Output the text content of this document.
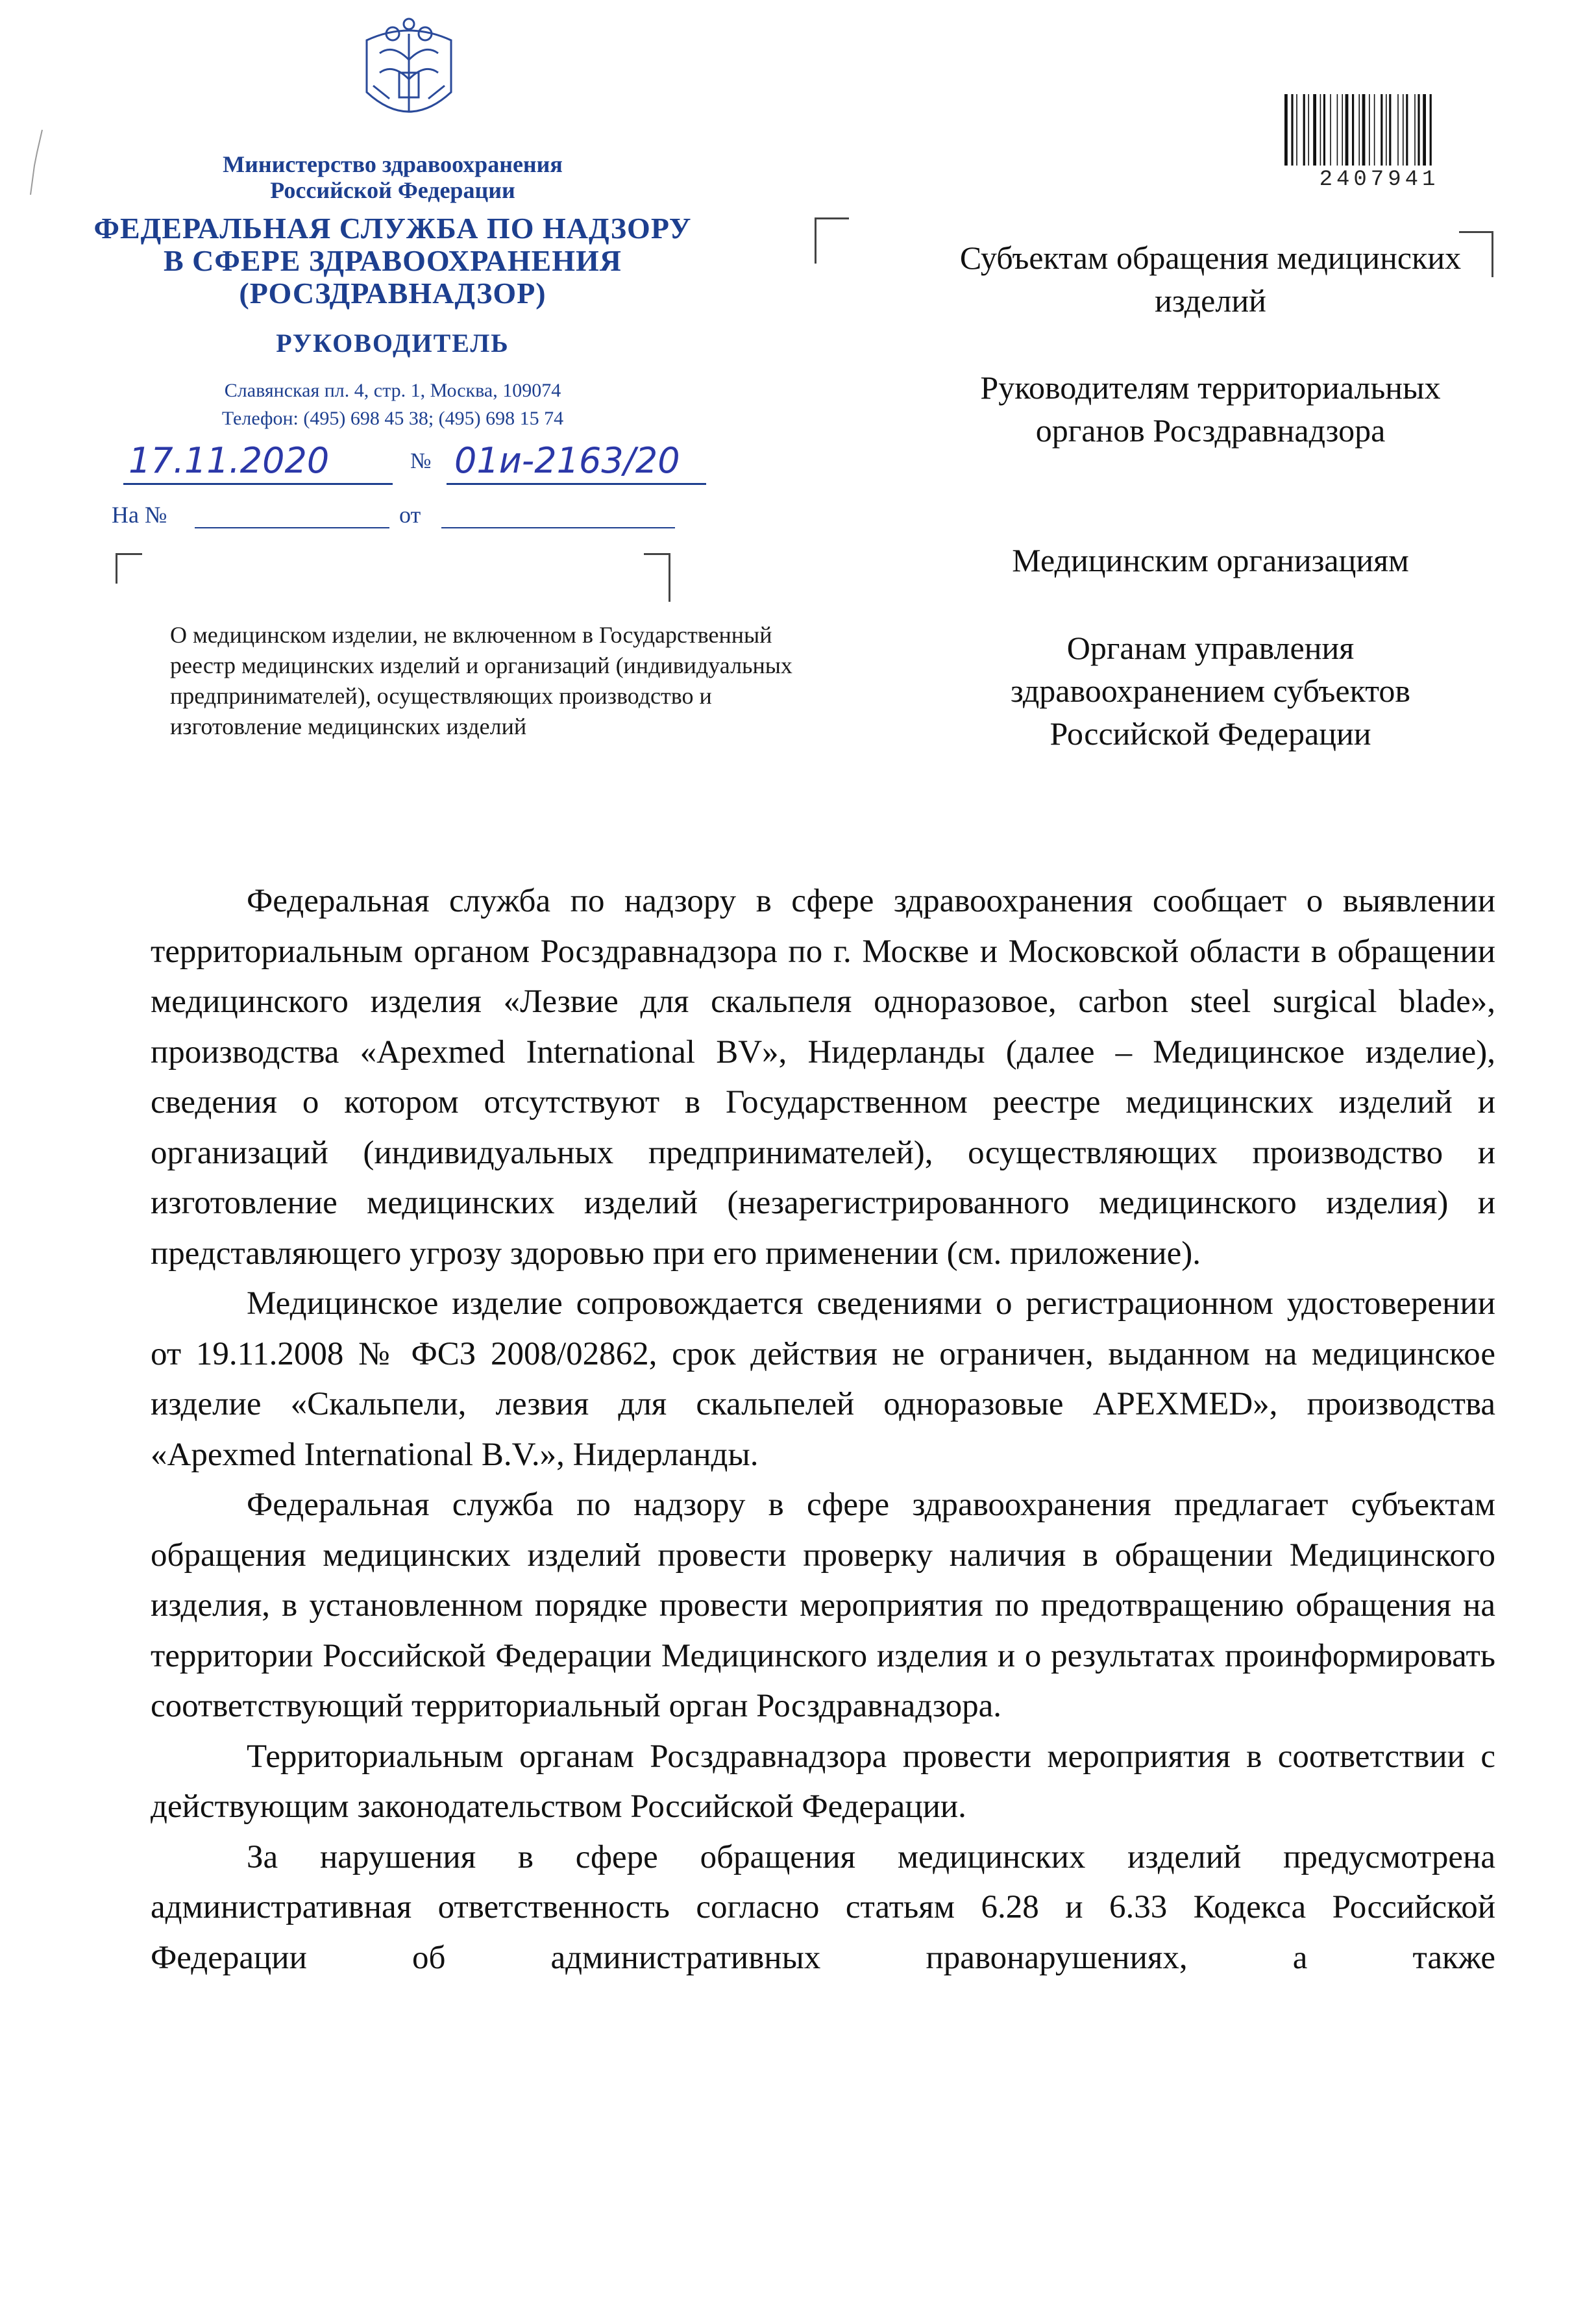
Министерство здравоохранения
Российской Федерации
ФЕДЕРАЛЬНАЯ СЛУЖБА ПО НАДЗОРУ
В СФЕРЕ ЗДРАВООХРАНЕНИЯ
(РОСЗДРАВНАДЗОР)
РУКОВОДИТЕЛЬ
Славянская пл. 4, стр. 1, Москва, 109074
Телефон: (495) 698 45 38; (495) 698 15 74
17.11.2020	№ 01и-2163/20
На №	от
О медицинском изделии, не включенном в Государственный реестр медицинских изделий и организаций (индивидуальных предпринимателей), осуществляющих производство и изготовление медицинских изделий
2407941
Субъектам обращения медицинских изделий
Руководителям территориальных органов Росздравнадзора
Медицинским организациям
Органам управления здравоохранением субъектов Российской Федерации

Федеральная служба по надзору в сфере здравоохранения сообщает о выявлении территориальным органом Росздравнадзора по г. Москве и Московской области в обращении медицинского изделия «Лезвие для скальпеля одноразовое, carbon steel surgical blade», производства «Apexmed International BV», Нидерланды (далее – Медицинское изделие), сведения о котором отсутствуют в Государственном реестре медицинских изделий и организаций (индивидуальных предпринимателей), осуществляющих производство и изготовление медицинских изделий (незарегистрированного медицинского изделия) и представляющего угрозу здоровью при его применении (см. приложение).

Медицинское изделие сопровождается сведениями о регистрационном удостоверении от 19.11.2008 № ФСЗ 2008/02862, срок действия не ограничен, выданном на медицинское изделие «Скальпели, лезвия для скальпелей одноразовые APEXMED», производства «Apexmed International B.V.», Нидерланды.

Федеральная служба по надзору в сфере здравоохранения предлагает субъектам обращения медицинских изделий провести проверку наличия в обращении Медицинского изделия, в установленном порядке провести мероприятия по предотвращению обращения на территории Российской Федерации Медицинского изделия и о результатах проинформировать соответствующий территориальный орган Росздравнадзора.

Территориальным органам Росздравнадзора провести мероприятия в соответствии с действующим законодательством Российской Федерации.

За нарушения в сфере обращения медицинских изделий предусмотрена административная ответственность согласно статьям 6.28 и 6.33 Кодекса Российской Федерации об административных правонарушениях, а также
